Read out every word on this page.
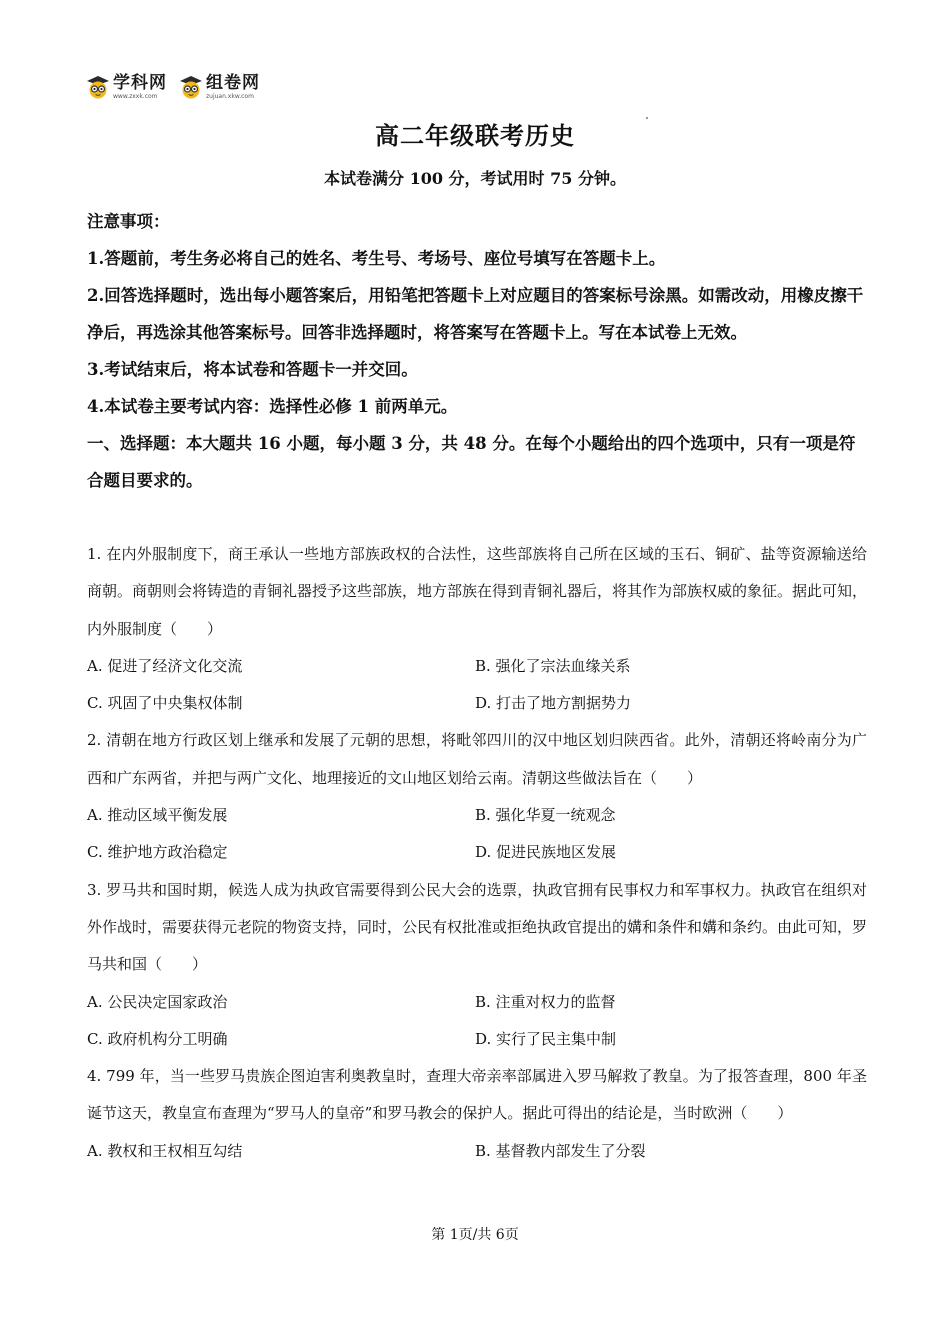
学科网
www.zxxk.com
组卷网
zujuan.xkw.com
高二年级联考历史
本试卷满分 100 分，考试用时 75 分钟。

注意事项：

1.答题前，考生务必将自己的姓名、考生号、考场号、座位号填写在答题卡上。

2.回答选择题时，选出每小题答案后，用铅笔把答题卡上对应题目的答案标号涂黑。如需改动，用橡皮擦干净后，再选涂其他答案标号。回答非选择题时，将答案写在答题卡上。写在本试卷上无效。

3.考试结束后，将本试卷和答题卡一并交回。

4.本试卷主要考试内容：选择性必修 1 前两单元。

一、选择题：本大题共 16 小题，每小题 3 分，共 48 分。在每个小题给出的四个选项中，只有一项是符合题目要求的。

1. 在内外服制度下，商王承认一些地方部族政权的合法性，这些部族将自己所在区域的玉石、铜矿、盐等资源输送给商朝。商朝则会将铸造的青铜礼器授予这些部族，地方部族在得到青铜礼器后，将其作为部族权威的象征。据此可知，内外服制度（　　）

A. 促进了经济文化交流	B. 强化了宗法血缘关系
C. 巩固了中央集权体制	D. 打击了地方割据势力

2. 清朝在地方行政区划上继承和发展了元朝的思想，将毗邻四川的汉中地区划归陕西省。此外，清朝还将岭南分为广西和广东两省，并把与两广文化、地理接近的文山地区划给云南。清朝这些做法旨在（　　）

A. 推动区域平衡发展	B. 强化华夏一统观念
C. 维护地方政治稳定	D. 促进民族地区发展

3. 罗马共和国时期，候选人成为执政官需要得到公民大会的选票，执政官拥有民事权力和军事权力。执政官在组织对外作战时，需要获得元老院的物资支持，同时，公民有权批准或拒绝执政官提出的媾和条件和媾和条约。由此可知，罗马共和国（　　）

A. 公民决定国家政治	B. 注重对权力的监督
C. 政府机构分工明确	D. 实行了民主集中制

4. 799 年，当一些罗马贵族企图迫害利奥教皇时，查理大帝亲率部属进入罗马解救了教皇。为了报答查理，800 年圣诞节这天，教皇宣布查理为“罗马人的皇帝”和罗马教会的保护人。据此可得出的结论是，当时欧洲（　　）

A. 教权和王权相互勾结	B. 基督教内部发生了分裂
第 1页/共 6页
